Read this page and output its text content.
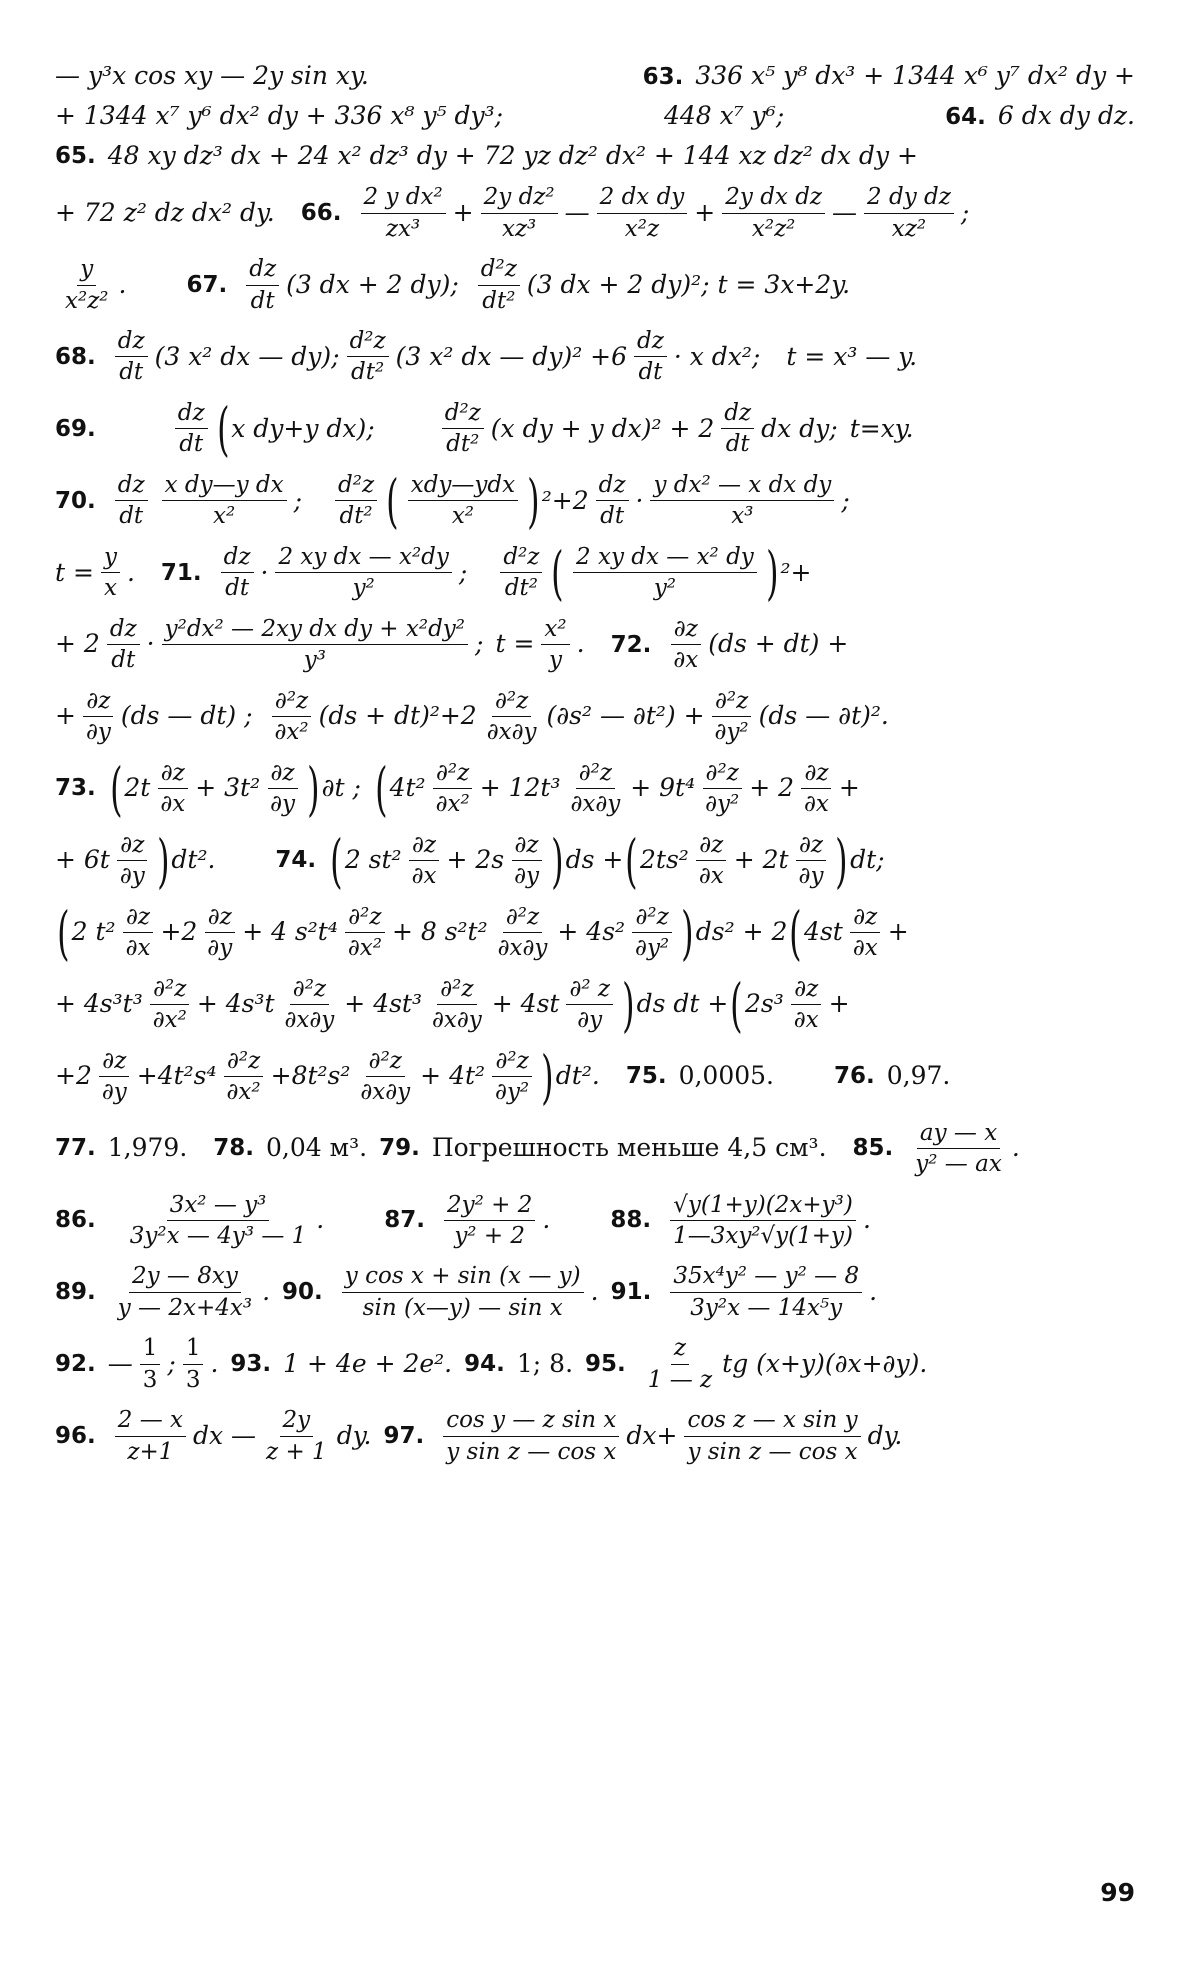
— y³x cos xy — 2y sin xy.	63. 336 x⁵ y⁸ dx³ + 1344 x⁶ y⁷ dx² dy +
+ 1344 x⁷ y⁶ dx² dy + 336 x⁸ y⁵ dy³;	448 x⁷ y⁶;	64. 6 dx dy dz.
65. 48 xy dz³ dx + 24 x² dz³ dy + 72 yz dz² dx² + 144 xz dz² dx dy +
+ 72 z² dz dx² dy. 66. $\frac{\text{2 y dx²}}{\text{zx³}} + \frac{\text{2y dz²}}{\text{xz³}}$ — $\frac{\text{2 dx dy}}{\text{x²z}} + \frac{\text{2y dx dz}}{\text{x²z²}}$ — $\frac{\text{2 dy dz}}{\text{xz²}}$ ;
$\frac{y}{\text{x²z²}}$ .	67. $\frac{dz}{dt} (3$ dx + 2 dy); $\frac{\text{d²z}}{\text{dt²}} (3$ dx + 2 dy)²; t = 3x+2y.
68. $\frac{dz}{dt} (3$ x² dx — dy); $\frac{\text{d²z}}{\text{dt²}} (3$ x² dx — $dy)^2 +6 \frac{dz}{dt} \cdot x$ dx²; t = x³ — y.
69.	$\frac{dz}{dt}$ ( x dy+y dx);	$\frac{\text{d²z}}{\text{dt²}} (x$ dy + y $dx)^2 + 2 \frac{dz}{dt}$ dx dy; t=xy.
70. $\frac{dz}{dt} \frac{\text{x dy—y dx}}{\text{x²}}$ ; $\frac{\text{d²z}}{\text{dt²}}$ ( $\frac{\text{xdy—ydx}}{\text{x²}}$ ) $^2 +2 \frac{dz}{dt} \cdot \frac{\text{y dx² — x dx dy}}{\text{x³}}$ ;
$t = \frac{y}{x}$ . 71. $\frac{dz}{dt} \cdot \frac{\text{2 xy dx — x²dy}}{\text{y²}}$ ; $\frac{\text{d²z}}{\text{dt²}}$ ( $\frac{\text{2 xy dx — x² dy}}{\text{y²}}$ ) ² +
+ $2 \frac{dz}{dt} \cdot \frac{\text{y²dx² — 2xy dx dy + x²dy²}}{\text{y³}}$ ; $t = \frac{\text{x²}}{y}$ . 72. $\frac{\partial z}{\partial x} (ds + dt)$ +
+ $\frac{\partial z}{\partial y} (ds$ — dt) ; $\frac{\text{∂²z}}{\text{∂x²}} (ds + dt)^2+2 \frac{\text{∂²z}}{\partial x\partial y} (\partial s^2$ — $\partial t^2) + \frac{\text{∂²z}}{\text{∂y²}} (ds$ — ∂t)².
73. ( $2t \frac{\partial z}{\partial x} + 3t^2 \frac{\partial z}{\partial y}$ ) ∂t ; ( $4t^2 \frac{\text{∂²z}}{\text{∂x²}} + 12t^3 \frac{\text{∂²z}}{\partial x\partial y} + 9t^4 \frac{\text{∂²z}}{\text{∂y²}} + 2 \frac{\partial z}{\partial x}$ +
+ $6t \frac{\partial z}{\partial y}$ ) dt².	74. ( 2 $st^2 \frac{\partial z}{\partial x} + 2s \frac{\partial z}{\partial y}$ ) ds + ( $2ts^2 \frac{\partial z}{\partial x} + 2t \frac{\partial z}{\partial y}$ ) dt;
( 2 $t^2 \frac{\partial z}{\partial x} +2 \frac{\partial z}{\partial y} + 4$ $s^2t^4 \frac{\text{∂²z}}{\text{∂x²}} + 8$ $s^2t^2 \frac{\text{∂²z}}{\partial x\partial y} + 4s^2 \frac{\text{∂²z}}{\text{∂y²}}$ ) ds² + 2 ( $4st \frac{\partial z}{\partial x}$ +
+ $4s^3t^3 \frac{\text{∂²z}}{\text{∂x²}} + 4s^3t \frac{\text{∂²z}}{\partial x\partial y} + 4st^3 \frac{\text{∂²z}}{\partial x\partial y} + 4st \frac{\text{∂² z}}{\partial y}$ ) ds dt + ( $2s^3 \frac{\partial z}{\partial x}$ +
$+2 \frac{\partial z}{\partial y} +4t^2s^4 \frac{\text{∂²z}}{\text{∂x²}} +8t^2s^2 \frac{\text{∂²z}}{\partial x\partial y} + 4t^2 \frac{\text{∂²z}}{\text{∂y²}}$ ) dt². 75. 0,0005.	76. 0,97.
77. 1,979. 78. 0,04 м³. 79. Погрешность меньше 4,5 см³. 85. $\frac{ay — x}{\text{y² — ax}}$ .
86. $\frac{\text{3x² — y³}}{\text{3y²x — 4y³ — 1}}$ .	87. $\frac{\text{2y² + 2}}{\text{y² + 2}}$ .	88. $\frac{\text{√y(1+y)(2x+y³)}}{\text{1—3xy²√y(1+y)}}$ .
89. $\frac{2y — 8xy}{\text{y — 2x+4x³}}$ . 90. $\frac{\text{y cos x + sin (x — y)}}{\text{sin (x—y) — sin x}}$ . 91. $\frac{\text{35x⁴y² — y² — 8}}{\text{3y²x — 14x⁵y}}$ .
92. — $\frac{1}{3}$ ; $\frac{1}{3}$ . 93. 1 + 4e + 2e². 94. 1; 8. 95. $\frac{z}{1 — z}$ tg (x+y)(∂x+∂y).
96. $\frac{2 — x}{z+1}$ dx — $\frac{2y}{z + 1}$ dy. 97. $\frac{\text{cos y — z sin x}}{\text{y sin z — cos x}} dx+ \frac{\text{cos z — x sin y}}{\text{y sin z — cos x}}$ dy.
99
